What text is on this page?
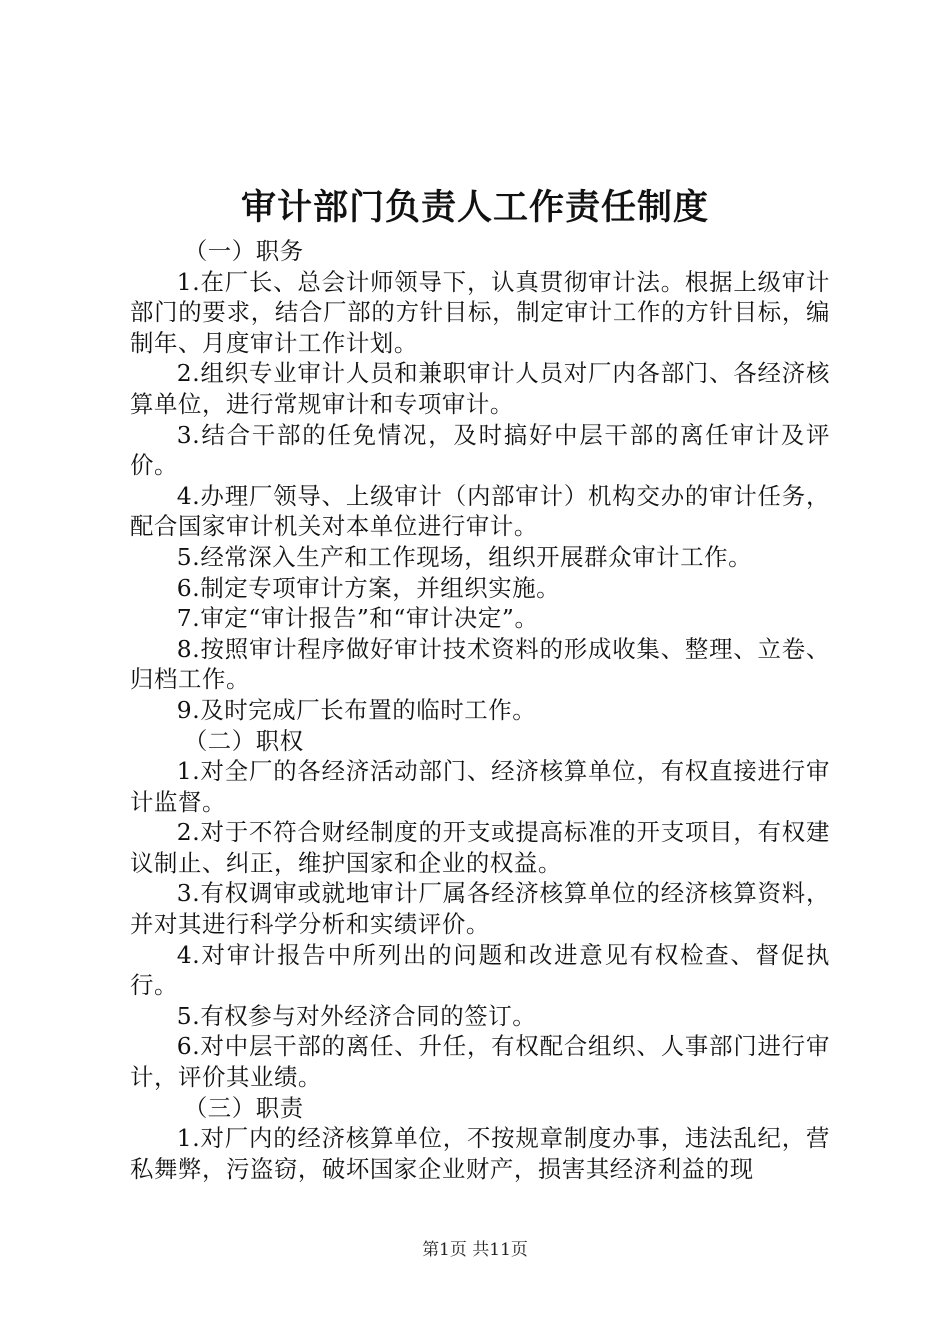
审计部门负责人工作责任制度

（一）职务

1.在厂长、总会计师领导下，认真贯彻审计法。根据上级审计部门的要求，结合厂部的方针目标，制定审计工作的方针目标，编制年、月度审计工作计划。

2.组织专业审计人员和兼职审计人员对厂内各部门、各经济核算单位，进行常规审计和专项审计。

3.结合干部的任免情况，及时搞好中层干部的离任审计及评价。

4.办理厂领导、上级审计（内部审计）机构交办的审计任务，配合国家审计机关对本单位进行审计。

5.经常深入生产和工作现场，组织开展群众审计工作。

6.制定专项审计方案，并组织实施。

7.审定“审计报告”和“审计决定”。

8.按照审计程序做好审计技术资料的形成收集、整理、立卷、归档工作。

9.及时完成厂长布置的临时工作。

（二）职权

1.对全厂的各经济活动部门、经济核算单位，有权直接进行审计监督。

2.对于不符合财经制度的开支或提高标准的开支项目，有权建议制止、纠正，维护国家和企业的权益。

3.有权调审或就地审计厂属各经济核算单位的经济核算资料，并对其进行科学分析和实绩评价。

4.对审计报告中所列出的问题和改进意见有权检查、督促执行。

5.有权参与对外经济合同的签订。

6.对中层干部的离任、升任，有权配合组织、人事部门进行审计，评价其业绩。

（三）职责

1.对厂内的经济核算单位，不按规章制度办事，违法乱纪，营私舞弊，污盗窃，破坏国家企业财产，损害其经济利益的现

第1页 共11页
